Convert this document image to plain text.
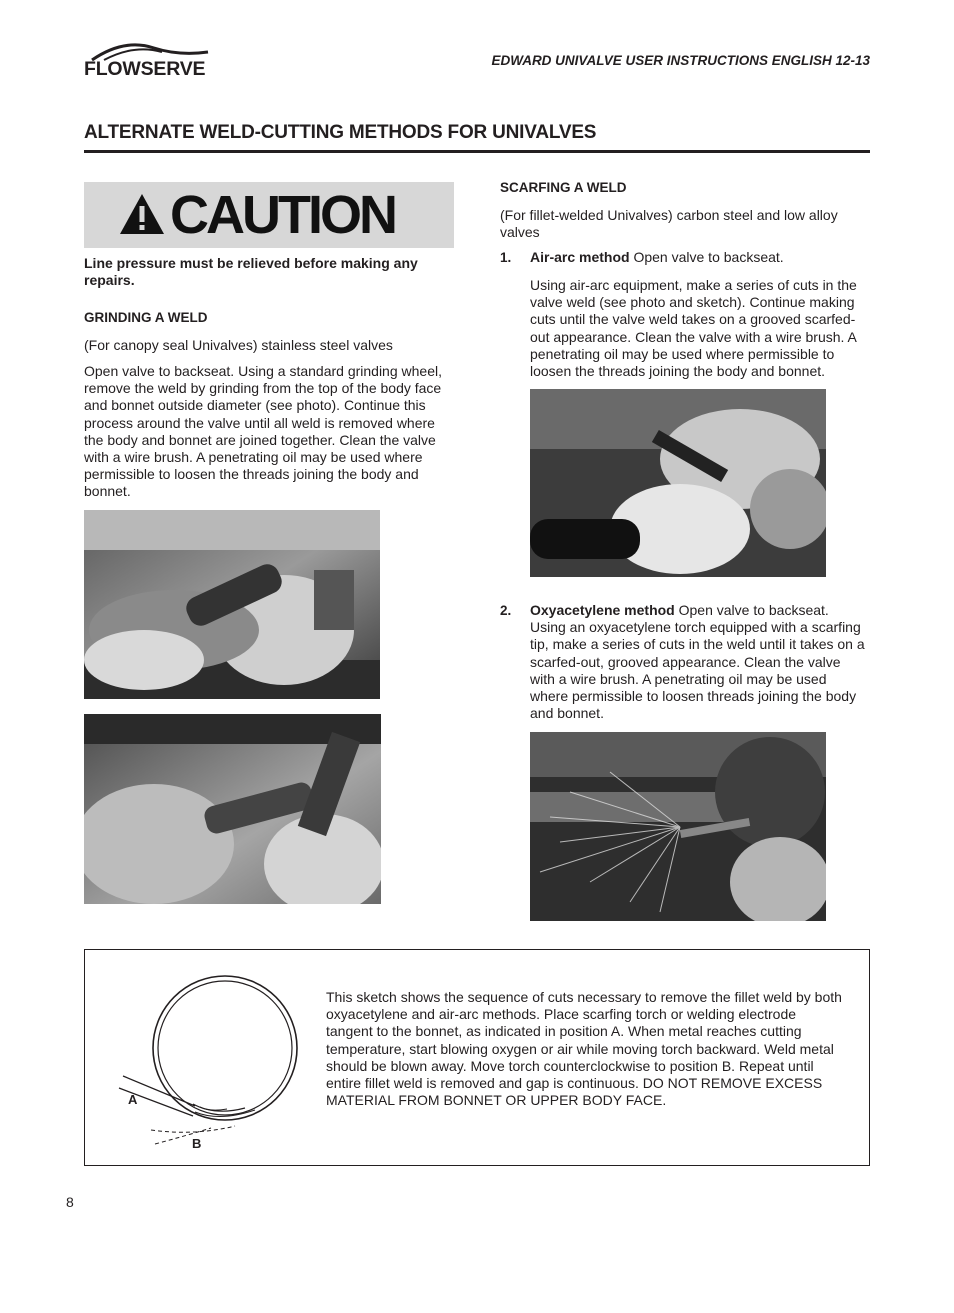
FLOWSERVE	EDWARD UNIVALVE USER INSTRUCTIONS ENGLISH 12-13
ALTERNATE WELD-CUTTING METHODS FOR UNIVALVES
CAUTION
Line pressure must be relieved before making any repairs.
GRINDING A WELD
(For canopy seal Univalves) stainless steel valves
Open valve to backseat. Using a standard grinding wheel, remove the weld by grinding from the top of the body face and bonnet outside diameter (see photo). Continue this process around the valve until all weld is removed where the body and bonnet are joined together. Clean the valve with a wire brush. A penetrating oil may be used where permissible to loosen the threads joining the body and bonnet.
SCARFING A WELD
(For fillet-welded Univalves) carbon steel and low alloy valves
1. Air-arc method Open valve to backseat.
Using air-arc equipment, make a series of cuts in the valve weld (see photo and sketch). Continue making cuts until the valve weld takes on a grooved scarfed-out appearance. Clean the valve with a wire brush. A penetrating oil may be used where permissible to loosen the threads joining the body and bonnet.
2. Oxyacetylene method Open valve to backseat. Using an oxyacetylene torch equipped with a scarfing tip, make a series of cuts in the weld until it takes on a scarfed-out, grooved appearance. Clean the valve with a wire brush. A penetrating oil may be used where permissible to loosen threads joining the body and bonnet.
A
B
This sketch shows the sequence of cuts necessary to remove the fillet weld by both oxyacetylene and air-arc methods. Place scarfing torch or welding electrode tangent to the bonnet, as indicated in position A. When metal reaches cutting temperature, start blowing oxygen or air while moving torch backward. Weld metal should be blown away. Move torch counterclockwise to position B. Repeat until entire fillet weld is removed and gap is continuous. DO NOT REMOVE EXCESS MATERIAL FROM BONNET OR UPPER BODY FACE.
8
